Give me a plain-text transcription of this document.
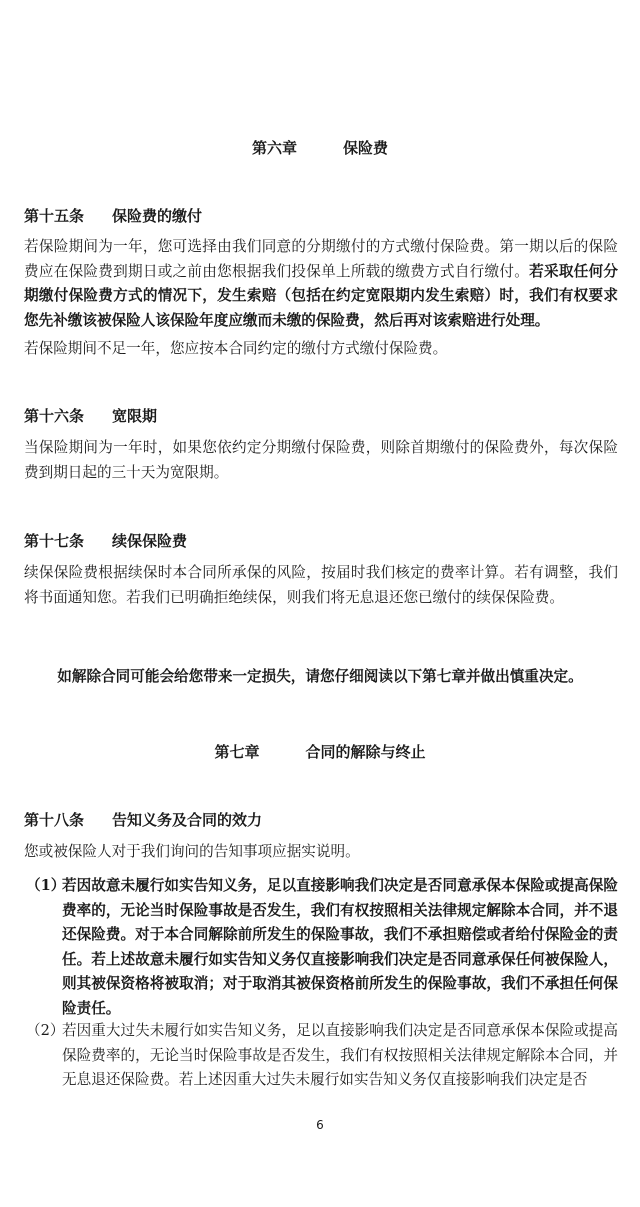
第六章	保险费
第十五条 保险费的缴付
若保险期间为一年，您可选择由我们同意的分期缴付的方式缴付保险费。第一期以后的保险费应在保险费到期日或之前由您根据我们投保单上所载的缴费方式自行缴付。若采取任何分期缴付保险费方式的情况下，发生索赔（包括在约定宽限期内发生索赔）时，我们有权要求您先补缴该被保险人该保险年度应缴而未缴的保险费，然后再对该索赔进行处理。
若保险期间不足一年，您应按本合同约定的缴付方式缴付保险费。
第十六条 宽限期
当保险期间为一年时，如果您依约定分期缴付保险费，则除首期缴付的保险费外，每次保险费到期日起的三十天为宽限期。
第十七条 续保保险费
续保保险费根据续保时本合同所承保的风险，按届时我们核定的费率计算。若有调整，我们将书面通知您。若我们已明确拒绝续保，则我们将无息退还您已缴付的续保保险费。
如解除合同可能会给您带来一定损失，请您仔细阅读以下第七章并做出慎重决定。
第七章	合同的解除与终止
第十八条 告知义务及合同的效力
您或被保险人对于我们询问的告知事项应据实说明。
（1）
若因故意未履行如实告知义务，足以直接影响我们决定是否同意承保本保险或提高保险费率的，无论当时保险事故是否发生，我们有权按照相关法律规定解除本合同，并不退还保险费。对于本合同解除前所发生的保险事故，我们不承担赔偿或者给付保险金的责任。若上述故意未履行如实告知义务仅直接影响我们决定是否同意承保任何被保险人，则其被保资格将被取消；对于取消其被保资格前所发生的保险事故，我们不承担任何保险责任。
（2）
若因重大过失未履行如实告知义务，足以直接影响我们决定是否同意承保本保险或提高保险费率的，无论当时保险事故是否发生，我们有权按照相关法律规定解除本合同，并无息退还保险费。若上述因重大过失未履行如实告知义务仅直接影响我们决定是否
6
